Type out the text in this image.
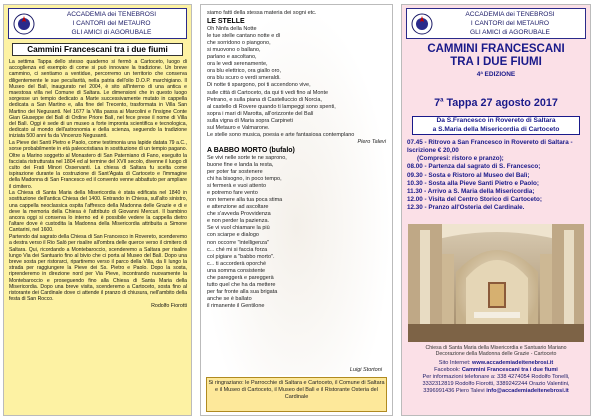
ACCADEMIA dei TENEBROSI
I CANTORI del METAURO
GLI AMICI di AGORUBALE
Cammini Francescani tra i due fiumi

La settima Tappa dello stesso quaderno si fermò a Cartoceto, luogo di accoglienza ed esempio di come si può innovare la tradizione. Un breve cammino, ci sentiamo a ventidue, percorremo un territorio che conserva diligentemente le sue peculiarità, nella patria dell'olio D.O.P. marchigiano. Il Museo del Balì, inaugurato nel 2004, è sito all'interno di una antica e maestosa villa nel Comune di Saltara. Le dimensioni che in questo luogo sorgesse un tempio dedicato a Marte successivamente mutato in cappella dedicata a San Martino e, alla fine del Trecento, trasformata in Villa San Martino dei Negusanti. Nel 1677 la Villa passa ai Marcolini e l'insigne Conte Gian Giuseppe del Balì di Ordine Priore Balì, nel fece prese il nome di Villa del Balì. Oggi è sede di un museo a forte impronta scientifica e tecnologica, dedicato al mondo dell'astronomia e della scienza, seguendo la tradizione iniziata 500 anni fa da Vincenzo Negusanti.

La Pieve dei Santi Pietro e Paolo, come testimonia una lapide datata 79 a.C., sorse probabilmente in età paleocristiana in sostituzione di un tempio pagano. Oltre a Marino soggetto al Monastero di San Paterniano di Fano, eseguito la facciata ristrutturata nel 1804 ed al termine del XVII secolo, divenne il luogo di culto dei Frati Minori Osservanti. La chiesa di Saltara fu scelta come ispirazione durante la costruzione di Sant'Agata di Cartoceto e l'immagine della Madonna di San Francesco ed il convento venne abbattuto per ampliare il cimitero.

La Chiesa di Santa Maria della Misericordia è stata edificata nel 1840 in sostituzione dell'antica Chiesa del 1400. Entrando in Chiesa, sull'alto sinistro, una cappella neoclassica ospita l'affresco della Madonna delle Grazie e di e deve la memoria della Chiesa è l'attributo di Giovanni Mercuri. Il bambino ancora oggi si conserva lo interno ed è possibile vedere la cappella dietro l'altare dove è custodita la Madonna della Misericordia attribuita a Simone Cantarini, nel 1600.

Partendo dal sagrato della Chiesa di San Francesco in Rovereto, scenderemo a destra verso il Rio Salò per risalire all'ombra delle querce verso il cimitero di Saltara. Qui, ricordando a Montebaroccio, scenderemo a Saltara per risalire lungo Via dei Santuario fino al bivio che ci porta al Museo del Balì. Dopo una breve sosta per ristorarci, ripartiremo verso il parco della Villa, da lì lungo la strada per raggiungere la Pieve dei Ss. Pietro e Paolo. Dopo la sosta, riprenderemo in direzione nord per Via Pieve, incontrando nuovamente la Montebaroccio e proseguendo fino alla Chiesa di Santa Maria della Misericordia. Dopo una breve visita, scenderemo a Cartoceto, sosta fino al ristorante dei Cardinale dove ci attende il pranzo di chiusura, nell'ambito della festa di San Rocco.

Rodolfo Fiorotti
siamo fatti della stessa materia dei sogni etc.
LE STELLE
Oh Ninfa della Notte
le tue stelle cantano notte e dì
che sorridono o piangono,
si muovono o ballano,
parlano e ascoltano,
ora le vedi serenamente,
ora blu elettrico, ora giallo oro,
ora blu scuro o verdi smeraldi.
Di notte ti spargono, poi ti accendono vive,
sulle città di Cartoceto, da qui ti vedi fino al Monte
Petrano, e sulla piana di Castelluccio di Norcia,
al castello di Rovere quando ti lampeggi sono spenti,
sopra i mari di Marotta, all'orizzonte del Balì
sulla vigna di Maria sopra Carpineti
sul Metauro e Valmarone.
Le stelle sono musica, poesia e arte fantasiosa contemplano
Piero Talevi
A BABBO MORTO (bufalo)
Se vivi nelle sorte te ne saprono,
buone fine e landa la resta,
per poter far sostenere
chi ha bisogno, in poco tempo,
si fermerà e vuoi attento
e potremo fare vento
non temere alla tua poca stima
e attenzione ad ascoltare
che s'avveda Provvidenza
e non perder la pazienza.
Se vi vuol chiamare la più
con sciarpe e dialogo
non occorre "intelligenza"
c... ché mi si faccia forza
col pigiare a "babbo morto".
c... ti accorderà oporché
una somma consistente
che pareggerà e pareggerà
tutto quel che ha da mettere
per far fronte alla sua brigata
anche se è ballato
il rimanente il Gentilone
Luigi Stortoni
Si ringraziano: le Parrocchie di Saltara e Cartoceto, il Comune di Saltara e il Museo di Cartoceto, il Museo del Balì e il Ristorante Osteria del Cardinale
ACCADEMIA dei TENEBROSI
I CANTORI del METAURO
GLI AMICI di AGORUBALE
CAMMINI FRANCESCANI
TRA I DUE FIUMI
4ª EDIZIONE
7$^a$ Tappa 27 agosto 2017
Da S.Francesco in Rovereto di Saltara
a S.Maria della Misericordia di Cartoceto
07.45 - Ritrovo a San Francesco in Rovereto di Saltara - Iscrizione € 20,00
(Compresi: ristoro e pranzo);
08.00 - Partenza dal sagrato di S. Francesco;
09.30 - Sosta e Ristoro al Museo del Balì;
10.30 - Sosta alla Pieve Santi Pietro e Paolo;
11.30 - Arrivo a S. Maria della Misericordia;
12.00 - Visita del Centro Storico di Cartoceto;
12.30 - Pranzo all'Osteria del Cardinale.
Chiesa di Santa Maria della Misericordia e Santuario Mariano
Decorazione della Madonna delle Grazie - Cartoceto
Sito Internet: www.accademiadeitenebrosi.it
Facebook: Cammini Francescani tra i due fiumi
Per informazioni telefonare a: 338 4274054 Rodolfo Tonelli,
3332312819 Rodolfo Fiorotti, 3389242244 Orazio Valentini,
3396991436 Piero Talevi info@accademiadeitenebrosi.it
